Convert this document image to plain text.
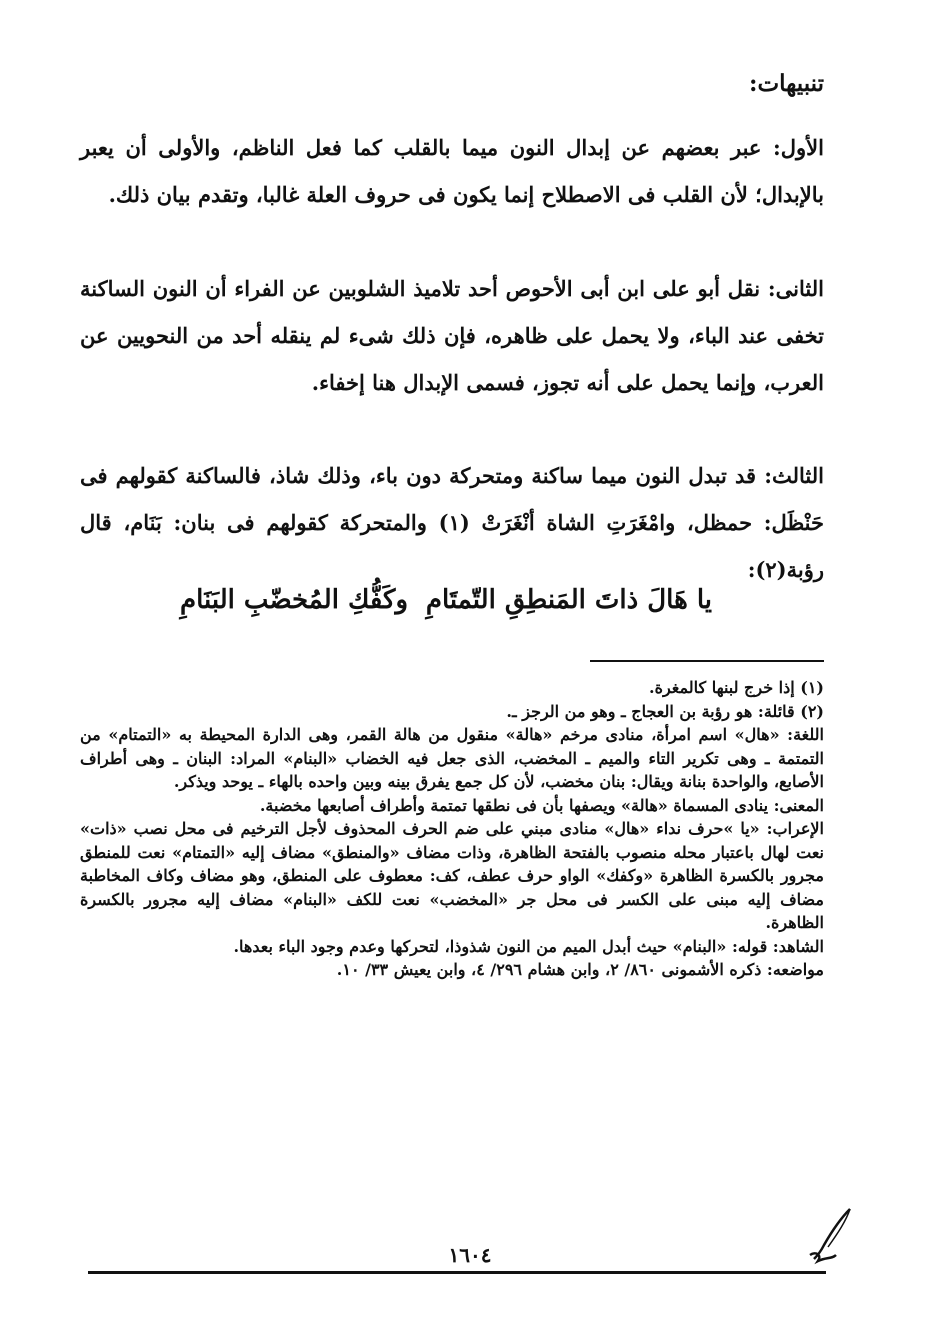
تنبيهات:
الأول: عبر بعضهم عن إبدال النون ميما بالقلب كما فعل الناظم، والأولى أن يعبر بالإبدال؛ لأن القلب فى الاصطلاح إنما يكون فى حروف العلة غالبا، وتقدم بيان ذلك.
الثانى: نقل أبو على ابن أبى الأحوص أحد تلاميذ الشلوبين عن الفراء أن النون الساكنة تخفى عند الباء، ولا يحمل على ظاهره، فإن ذلك شىء لم ينقله أحد من النحويين عن العرب، وإنما يحمل على أنه تجوز، فسمى الإبدال هنا إخفاء.
الثالث: قد تبدل النون ميما ساكنة ومتحركة دون باء، وذلك شاذ، فالساكنة كقولهم فى حَنْظَل: حمظل، وامْغَرَتِ الشاة أنْغَرَتْ (١) والمتحركة كقولهم فى بنان: بَنَام، قال رؤبة(٢):
يا هَالَ ذاتَ المَنطِقِ التّمتَامِ
وكَفُّكِ المُخضّبِ البَنَامِ

(١) إذا خرج لبنها كالمغرة.

(٢) قائلة: هو رؤبة بن العجاج ـ وهو من الرجز ـ.

اللغة: «هال» اسم امرأة، منادى مرخم «هالة» منقول من هالة القمر، وهى الدارة المحيطة به «التمتام» من التمتمة ـ وهى تكرير التاء والميم ـ المخضب، الذى جعل فيه الخضاب «البنام» المراد: البنان ـ وهى أطراف الأصابع، والواحدة بنانة ويقال: بنان مخضب، لأن كل جمع يفرق بينه وبين واحده بالهاء ـ يوحد ويذكر.

المعنى: ينادى المسماة «هالة» ويصفها بأن فى نطقها تمتمة وأطراف أصابعها مخضبة.

الإعراب: «يا »حرف نداء «هال» منادى مبني على ضم الحرف المحذوف لأجل الترخيم فى محل نصب «ذات» نعت لهال باعتبار محله منصوب بالفتحة الظاهرة، وذات مضاف «والمنطق» مضاف إليه «التمتام» نعت للمنطق مجرور بالكسرة الظاهرة «وكفك» الواو حرف عطف، كف: معطوف على المنطق، وهو مضاف وكاف المخاطبة مضاف إليه مبنى على الكسر فى محل جر «المخضب» نعت للكف «البنام» مضاف إليه مجرور بالكسرة الظاهرة.

الشاهد: قوله: «البنام» حيث أبدل الميم من النون شذوذا، لتحركها وعدم وجود الباء بعدها.

مواضعه: ذكره الأشمونى ٨٦٠/ ٢، وابن هشام ٢٩٦/ ٤، وابن يعيش ٣٣/ ١٠.

١٦٠٤
